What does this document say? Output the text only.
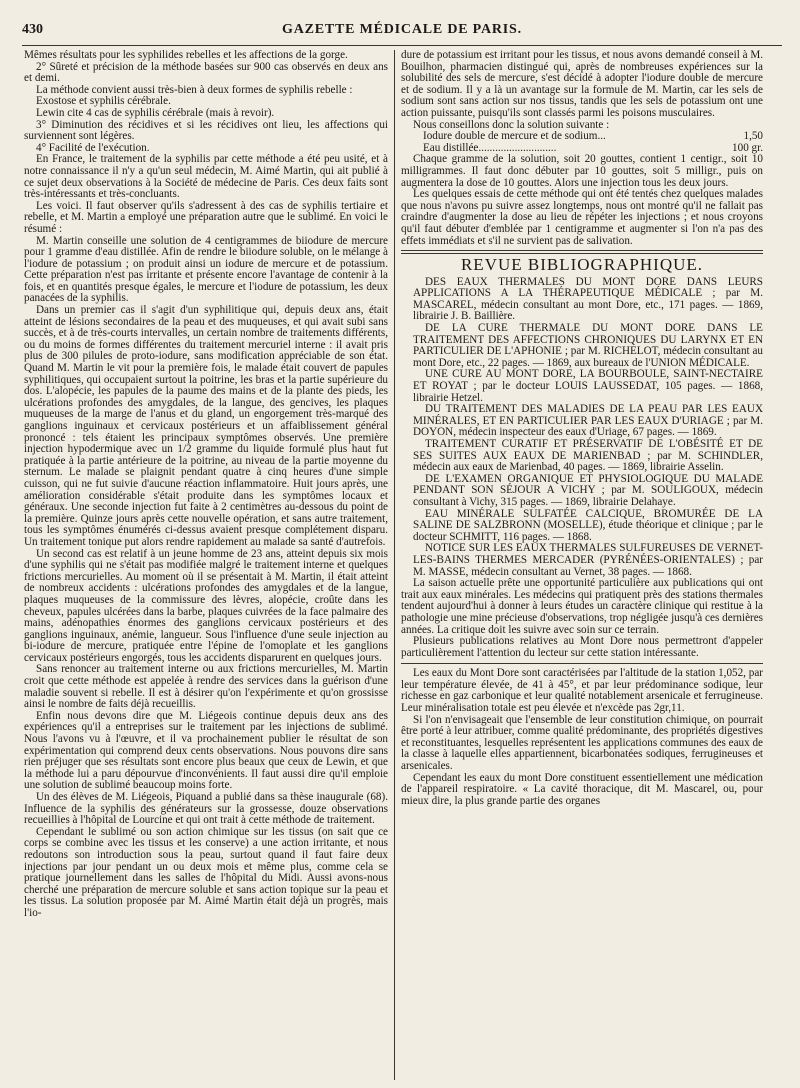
430	GAZETTE MÉDICALE DE PARIS.

Mêmes résultats pour les syphilides rebelles et les affections de la gorge.

2° Sûreté et précision de la méthode basées sur 900 cas observés en deux ans et demi.

La méthode convient aussi très-bien à deux formes de syphilis rebelle :

Exostose et syphilis cérébrale.

Lewin cite 4 cas de syphilis cérébrale (mais à revoir).

3° Diminution des récidives et si les récidives ont lieu, les affections qui surviennent sont légères.

4° Facilité de l'exécution.

En France, le traitement de la syphilis par cette méthode a été peu usité, et à notre connaissance il n'y a qu'un seul médecin, M. Aimé Martin, qui ait publié à ce sujet deux observations à la Société de médecine de Paris. Ces deux faits sont très-intéressants et très-concluants.

Les voici. Il faut observer qu'ils s'adressent à des cas de syphilis tertiaire et rebelle, et M. Martin a employé une préparation autre que le sublimé. En voici le résumé :

M. Martin conseille une solution de 4 centigrammes de biiodure de mercure pour 1 gramme d'eau distillée. Afin de rendre le biiodure soluble, on le mélange à l'iodure de potassium ; on produit ainsi un iodure de mercure et de potassium. Cette préparation n'est pas irritante et présente encore l'avantage de contenir à la fois, et en quantités presque égales, le mercure et l'iodure de potassium, les deux panacées de la syphilis.

Dans un premier cas il s'agit d'un syphilitique qui, depuis deux ans, était atteint de lésions secondaires de la peau et des muqueuses, et qui avait subi sans succès, et à de très-courts intervalles, un certain nombre de traitements différents, ou du moins de formes différentes du traitement mercuriel interne : il avait pris plus de 300 pilules de proto-iodure, sans modification appréciable de son état. Quand M. Martin le vit pour la première fois, le malade était couvert de papules syphilitiques, qui occupaient surtout la poitrine, les bras et la partie supérieure du dos. L'alopécie, les papules de la paume des mains et de la plante des pieds, les ulcérations profondes des amygdales, de la langue, des gencives, les plaques muqueuses de la marge de l'anus et du gland, un engorgement très-marqué des ganglions inguinaux et cervicaux postérieurs et un affaiblissement général prononcé : tels étaient les principaux symptômes observés. Une première injection hypodermique avec un 1/2 gramme du liquide formulé plus haut fut pratiquée à la partie antérieure de la poitrine, au niveau de la partie moyenne du sternum. Le malade se plaignit pendant quatre à cinq heures d'une simple cuisson, qui ne fut suivie d'aucune réaction inflammatoire. Huit jours après, une amélioration considérable s'était produite dans les symptômes locaux et généraux. Une seconde injection fut faite à 2 centimètres au-dessous du point de la première. Quinze jours après cette nouvelle opération, et sans autre traitement, tous les symptômes énumérés ci-dessus avaient presque complétement disparu. Un traitement tonique put alors rendre rapidement au malade sa santé d'autrefois.

Un second cas est relatif à un jeune homme de 23 ans, atteint depuis six mois d'une syphilis qui ne s'était pas modifiée malgré le traitement interne et quelques frictions mercurielles. Au moment où il se présentait à M. Martin, il était atteint de nombreux accidents : ulcérations profondes des amygdales et de la langue, plaques muqueuses de la commissure des lèvres, alopécie, croûte dans les cheveux, papules ulcérées dans la barbe, plaques cuivrées de la face palmaire des mains, adénopathies énormes des ganglions cervicaux postérieurs et des ganglions inguinaux, anémie, langueur. Sous l'influence d'une seule injection au bi-iodure de mercure, pratiquée entre l'épine de l'omoplate et les ganglions cervicaux postérieurs engorgés, tous les accidents disparurent en quelques jours.

Sans renoncer au traitement interne ou aux frictions mercurielles, M. Martin croit que cette méthode est appelée à rendre des services dans la guérison d'une maladie souvent si rebelle. Il est à désirer qu'on l'expérimente et qu'on grossisse ainsi le nombre de faits déjà recueillis.

Enfin nous devons dire que M. Liégeois continue depuis deux ans des expériences qu'il a entreprises sur le traitement par les injections de sublimé. Nous l'avons vu à l'œuvre, et il va prochainement publier le résultat de son expérimentation qui comprend deux cents observations. Nous pouvons dire sans rien préjuger que ses résultats sont encore plus beaux que ceux de Lewin, et que la méthode lui a paru dépourvue d'inconvénients. Il faut aussi dire qu'il emploie une solution de sublimé beaucoup moins forte.

Un des élèves de M. Liégeois, Piquand a publié dans sa thèse inaugurale (68). Influence de la syphilis des générateurs sur la grossesse, douze observations recueillies à l'hôpital de Lourcine et qui ont trait à cette méthode de traitement.

Cependant le sublimé ou son action chimique sur les tissus (on sait que ce corps se combine avec les tissus et les conserve) a une action irritante, et nous redoutons son introduction sous la peau, surtout quand il faut faire deux injections par jour pendant un ou deux mois et même plus, comme cela se pratique journellement dans les salles de l'hôpital du Midi. Aussi avons-nous cherché une préparation de mercure soluble et sans action topique sur la peau et les tissus. La solution proposée par M. Aimé Martin était déjà un progrès, mais l'io-

dure de potassium est irritant pour les tissus, et nous avons demandé conseil à M. Bouilhon, pharmacien distingué qui, après de nombreuses expériences sur la solubilité des sels de mercure, s'est décidé à adopter l'iodure double de mercure et de sodium. Il y a là un avantage sur la formule de M. Martin, car les sels de sodium sont sans action sur nos tissus, tandis que les sels de potassium ont une action puissante, puisqu'ils sont classés parmi les poisons musculaires.

Nous conseillons donc la solution suivante :

Iodure double de mercure et de sodium...	1,50
Eau distillée............................	100 gr.

Chaque gramme de la solution, soit 20 gouttes, contient 1 centigr., soit 10 milligrammes. Il faut donc débuter par 10 gouttes, soit 5 milligr., puis on augmentera la dose de 10 gouttes. Alors une injection tous les deux jours.

Les quelques essais de cette méthode qui ont été tentés chez quelques malades que nous n'avons pu suivre assez longtemps, nous ont montré qu'il ne fallait pas craindre d'augmenter la dose au lieu de répéter les injections ; et nous croyons qu'il faut débuter d'emblée par 1 centigramme et augmenter si l'on n'a pas des effets immédiats et s'il ne survient pas de salivation.

REVUE BIBLIOGRAPHIQUE.

DES EAUX THERMALES DU MONT DORE DANS LEURS APPLICATIONS A LA THÉRAPEUTIQUE MÉDICALE ; par M. MASCAREL, médecin consultant au mont Dore, etc., 171 pages. — 1869, librairie J. B. Baillière.

DE LA CURE THERMALE DU MONT DORE DANS LE TRAITEMENT DES AFFECTIONS CHRONIQUES DU LARYNX ET EN PARTICULIER DE L'APHONIE ; par M. RICHELOT, médecin consultant au mont Dore, etc., 22 pages. — 1869, aux bureaux de l'UNION MÉDICALE.

UNE CURE AU MONT DORE, LA BOURBOULE, SAINT-NECTAIRE ET ROYAT ; par le docteur LOUIS LAUSSEDAT, 105 pages. — 1868, librairie Hetzel.

DU TRAITEMENT DES MALADIES DE LA PEAU PAR LES EAUX MINÉRALES, ET EN PARTICULIER PAR LES EAUX D'URIAGE ; par M. DOYON, médecin inspecteur des eaux d'Uriage, 67 pages. — 1869.

TRAITEMENT CURATIF ET PRÉSERVATIF DE L'OBÉSITÉ ET DE SES SUITES AUX EAUX DE MARIENBAD ; par M. SCHINDLER, médecin aux eaux de Marienbad, 40 pages. — 1869, librairie Asselin.

DE L'EXAMEN ORGANIQUE ET PHYSIOLOGIQUE DU MALADE PENDANT SON SÉJOUR A VICHY ; par M. SOULIGOUX, médecin consultant à Vichy, 315 pages. — 1869, librairie Delahaye.

EAU MINÉRALE SULFATÉE CALCIQUE, BROMURÉE DE LA SALINE DE SALZBRONN (MOSELLE), étude théorique et clinique ; par le docteur SCHMITT, 116 pages. — 1868.

NOTICE SUR LES EAUX THERMALES SULFUREUSES DE VERNET-LES-BAINS THERMES MERCADER (PYRÉNÉES-ORIENTALES) ; par M. MASSE, médecin consultant au Vernet, 38 pages. — 1868.

La saison actuelle prête une opportunité particulière aux publications qui ont trait aux eaux minérales. Les médecins qui pratiquent près des stations thermales tendent aujourd'hui à donner à leurs études un caractère clinique qui restitue à la pathologie une mine précieuse d'observations, trop négligée jusqu'à ces dernières années. La critique doit les suivre avec soin sur ce terrain.

Plusieurs publications relatives au Mont Dore nous permettront d'appeler particulièrement l'attention du lecteur sur cette station intéressante.

Les eaux du Mont Dore sont caractérisées par l'altitude de la station 1,052, par leur température élevée, de 41 à 45°, et par leur prédominance sodique, leur richesse en gaz carbonique et leur qualité notablement arsenicale et ferrugineuse. Leur minéralisation totale est peu élevée et n'excède pas 2gr,11.

Si l'on n'envisageait que l'ensemble de leur constitution chimique, on pourrait être porté à leur attribuer, comme qualité prédominante, des propriétés digestives et reconstituantes, lesquelles représentent les applications communes des eaux de la classe à laquelle elles appartiennent, bicarbonatées sodiques, ferrugineuses et arsenicales.

Cependant les eaux du mont Dore constituent essentiellement une médication de l'appareil respiratoire. « La cavité thoracique, dit M. Mascarel, ou, pour mieux dire, la plus grande partie des organes
